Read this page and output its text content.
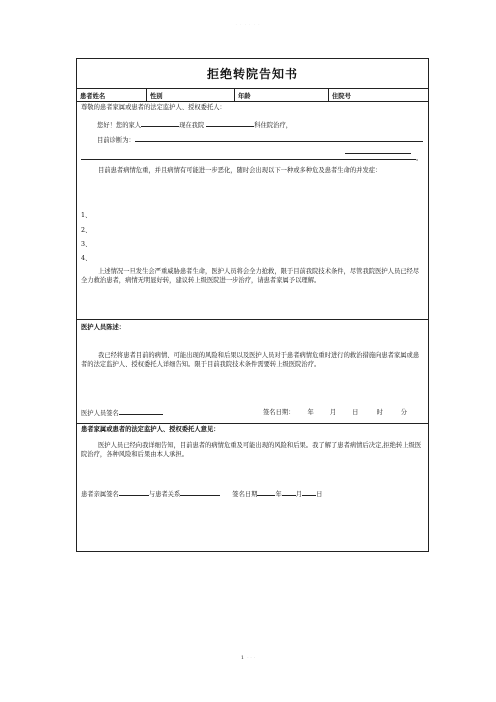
· · · · · ·
拒绝转院告知书
患者姓名	性别	年龄	住院号
尊敬的患者家属或患者的法定监护人、授权委托人：
您好！您的家人	现在我院	科住院治疗，
目前诊断为：
。
目前患者病情危重，并且病情有可能进一步恶化，随时会出现以下一种或多种危及患者生命的并发症：
1、
2、
3、
4、
上述情况一旦发生会严重威胁患者生命，医护人员将会全力抢救，限于目前我院技术条件，尽管我院医护人员已经尽全力救治患者，病情无明显好转，建议转上级医院进一步治疗，请患者家属予以理解。
医护人员陈述：
我已经将患者目前的病情、可能出现的风险和后果以及医护人员对于患者病情危重时进行的救治措施向患者家属或患者的法定监护人、授权委托人详细告知。限于目前我院技术条件需要转上级医院治疗。
医护人员签名	签名日期： 年	月	日	时	分
患者家属或患者的法定监护人、授权委托人意见：
医护人员已经向我详细告知，目前患者的病情危重及可能出现的风险和后果。我了解了患者病情后决定,拒绝转上级医院治疗，各种风险和后果由本人承担。
患者亲属签名	与患者关系	签名日期	年 月 日
1 · · ·
